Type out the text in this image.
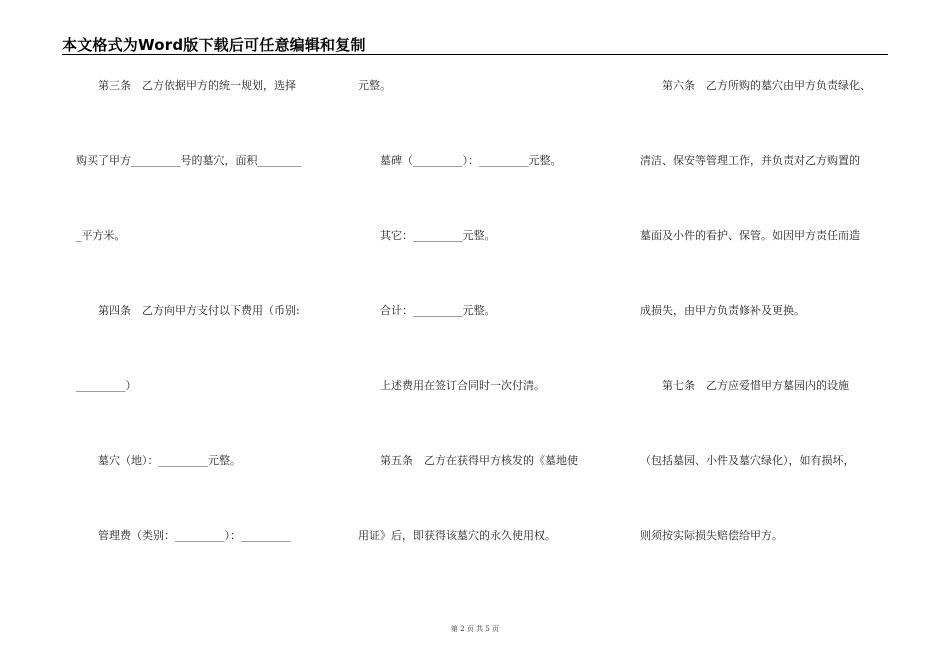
本文格式为Word版下载后可任意编辑和复制
　　第三条　乙方依据甲方的统一规划，选择
购买了甲方_________号的墓穴，面积________
_平方米。
　　第四条　乙方向甲方支付以下费用（币别:
_________）
　　墓穴（地）：_________元整。
　　管理费（类别：_________）：_________
元整。
　　墓碑（_________）：_________元整。
　　其它：_________元整。
　　合计：_________元整。
　　上述费用在签订合同时一次付清。
　　第五条　乙方在获得甲方核发的《墓地使
用证》后，即获得该墓穴的永久使用权。
　　第六条　乙方所购的墓穴由甲方负责绿化、
清洁、保安等管理工作，并负责对乙方购置的
墓面及小件的看护、保管。如因甲方责任而造
成损失，由甲方负责修补及更换。
　　第七条　乙方应爱惜甲方墓园内的设施
（包括墓园、小件及墓穴绿化），如有损坏，
则须按实际损失赔偿给甲方。
第 2 页 共 5 页
